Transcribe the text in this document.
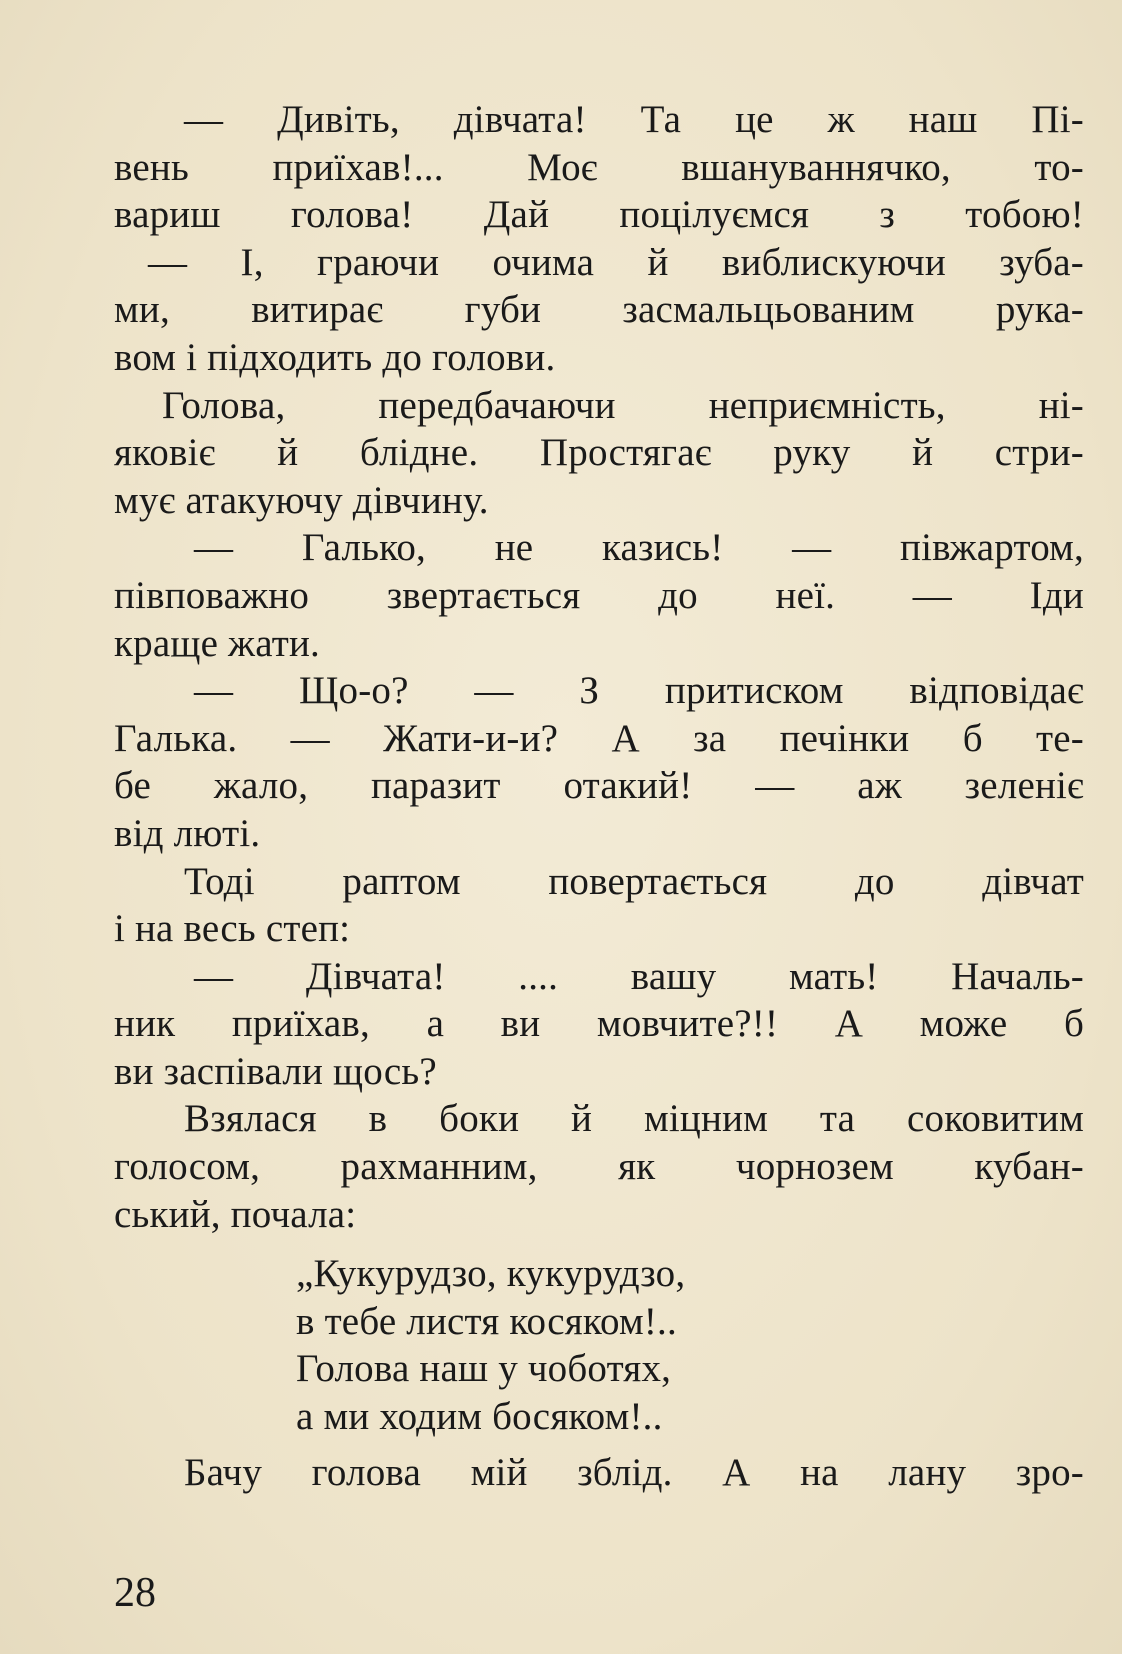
— Дивіть, дівчата! Та це ж наш Пі-
вень приїхав!... Моє вшануваннячко, то-
вариш голова! Дай поцілуємся з тобою!
— І, граючи очима й виблискуючи зуба-
ми, витирає губи засмальцьованим рука-
вом і підходить до голови.
Голова, передбачаючи неприємність, ні-
яковіє й блідне. Простягає руку й стри-
мує атакуючу дівчину.
— Галько, не казись! — півжартом,
півповажно звертається до неї. — Іди
краще жати.
— Що-о? — З притиском відповідає
Галька. — Жати-и-и? А за печінки б те-
бе жало, паразит отакий! — аж зеленіє
від люті.
Тоді раптом повертається до дівчат
і на весь степ:
— Дівчата! .... вашу мать! Началь-
ник приїхав, а ви мовчите?!! А може б
ви заспівали щось?
Взялася в боки й міцним та соковитим
голосом, рахманним, як чорнозем кубан-
ський, почала:
„Кукурудзо, кукурудзо,
в тебе листя косяком!..
Голова наш у чоботях,
а ми ходим босяком!..
Бачу голова мій зблід. А на лану зро-
28
